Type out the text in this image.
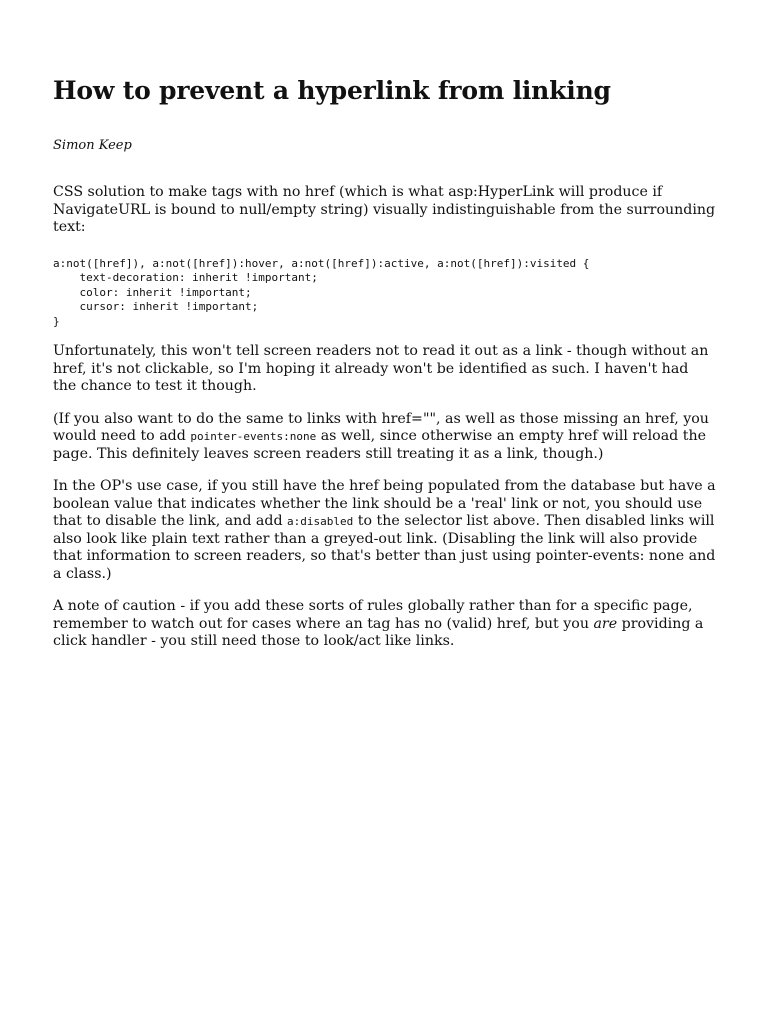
How to prevent a hyperlink from linking

Simon Keep

CSS solution to make tags with no href (which is what asp:HyperLink will produce if NavigateURL is bound to null/empty string) visually indistinguishable from the surrounding text:

a:not([href]), a:not([href]):hover, a:not([href]):active, a:not([href]):visited {
text-decoration: inherit !important;
color: inherit !important;
cursor: inherit !important;
}

Unfortunately, this won't tell screen readers not to read it out as a link - though without an href, it's not clickable, so I'm hoping it already won't be identified as such. I haven't had the chance to test it though.

(If you also want to do the same to links with href="", as well as those missing an href, you would need to add pointer-events:none as well, since otherwise an empty href will reload the page. This definitely leaves screen readers still treating it as a link, though.)

In the OP's use case, if you still have the href being populated from the database but have a boolean value that indicates whether the link should be a 'real' link or not, you should use that to disable the link, and add a:disabled to the selector list above. Then disabled links will also look like plain text rather than a greyed-out link. (Disabling the link will also provide that information to screen readers, so that's better than just using pointer-events: none and a class.)

A note of caution - if you add these sorts of rules globally rather than for a specific page, remember to watch out for cases where an tag has no (valid) href, but you are providing a click handler - you still need those to look/act like links.
